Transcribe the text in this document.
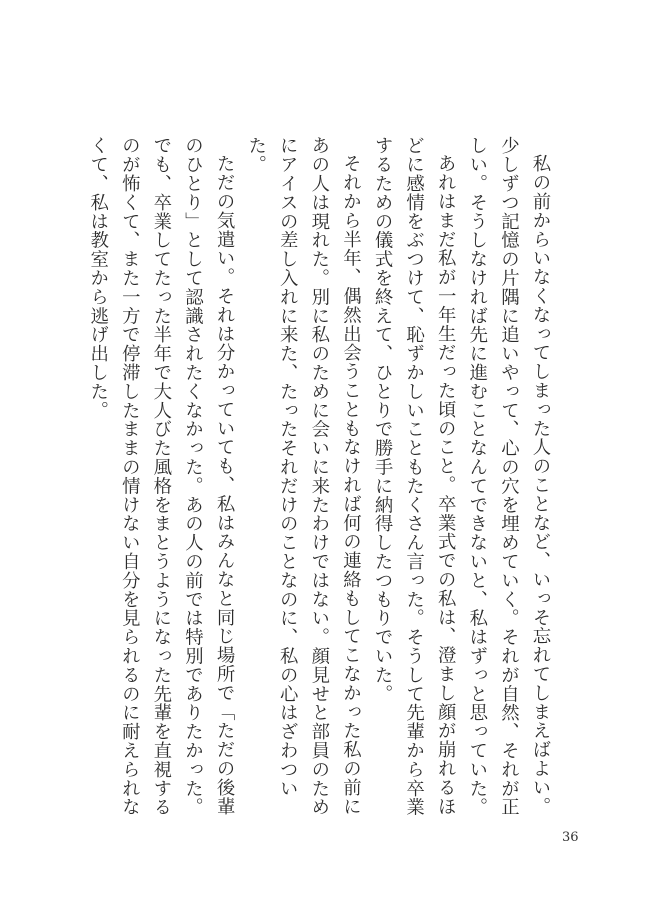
私の前からいなくなってしまった人のことなど、いっそ忘れてしまえばよい。少しずつ記憶の片隅に追いやって、心の穴を埋めていく。それが自然、それが正しい。そうしなければ先に進むことなんてできないと、私はずっと思っていた。

あれはまだ私が一年生だった頃のこと。卒業式での私は、澄まし顔が崩れるほどに感情をぶつけて、恥ずかしいこともたくさん言った。そうして先輩から卒業するための儀式を終えて、ひとりで勝手に納得したつもりでいた。

それから半年、偶然出会うこともなければ何の連絡もしてこなかった私の前にあの人は現れた。別に私のために会いに来たわけではない。顔見せと部員のためにアイスの差し入れに来た、たったそれだけのことなのに、私の心はざわついた。

ただの気遣い。それは分かっていても、私はみんなと同じ場所で「ただの後輩のひとり」として認識されたくなかった。あの人の前では特別でありたかった。でも、卒業してたった半年で大人びた風格をまとうようになった先輩を直視するのが怖くて、また一方で停滞したままの情けない自分を見られるのに耐えられなくて、私は教室から逃げ出した。

36
